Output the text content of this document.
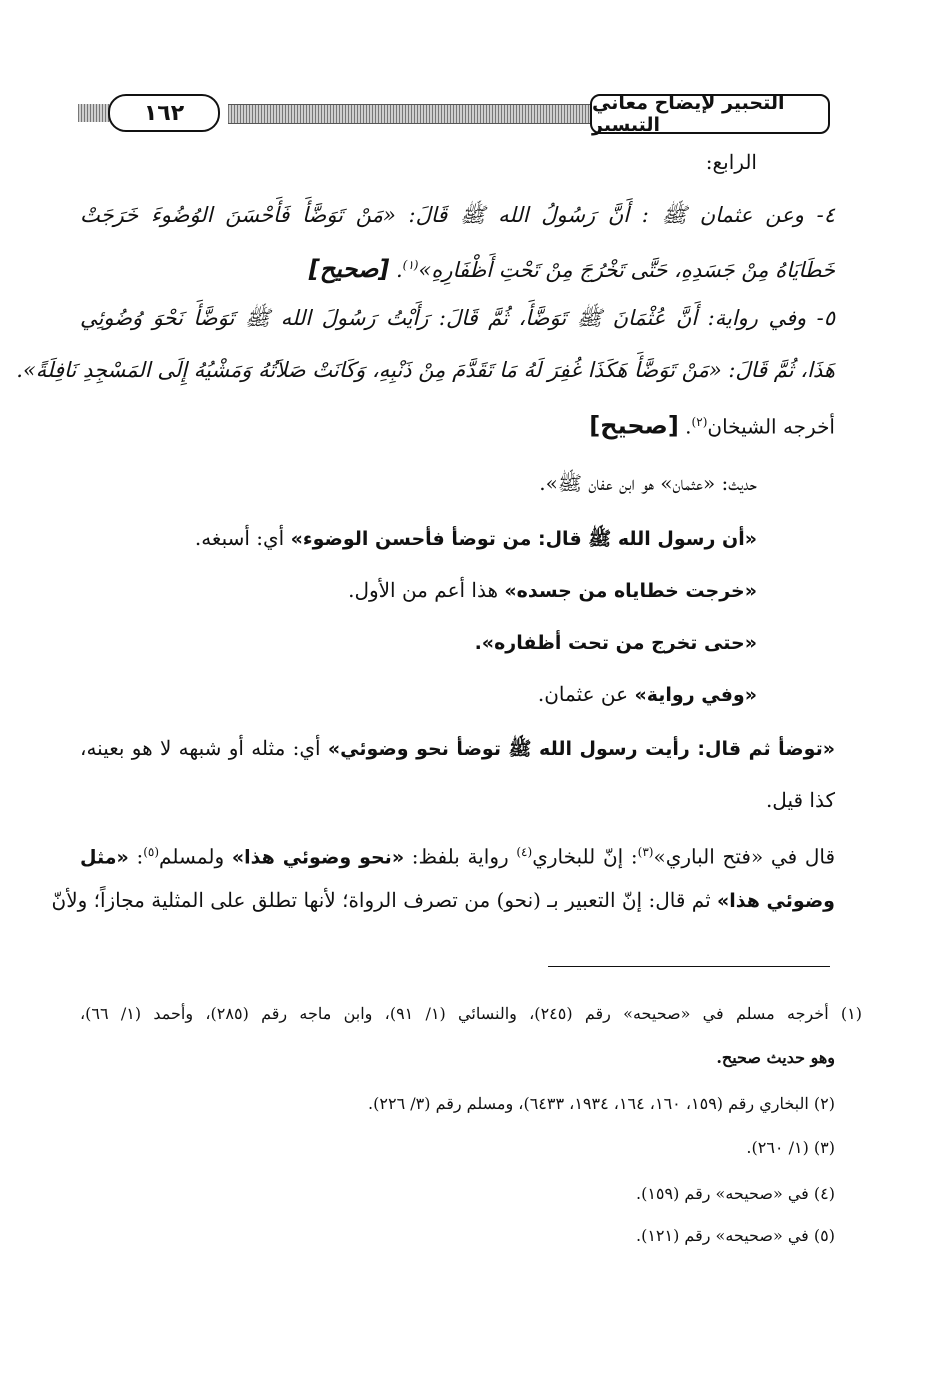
١٦٢	التحبير لإيضاح معاني التيسير
الرابع:
٤- وعن عثمان ﷺ : أَنَّ رَسُولُ الله ﷺ قَالَ: «مَنْ تَوَضَّأَ فَأَحْسَنَ الوُضُوءَ خَرَجَتْ
خَطَايَاهُ مِنْ جَسَدِهِ، حَتَّى تَخْرُجَ مِنْ تَحْتِ أَظْفَارِهِ»$^{(١)}$. [صحيح]
٥- وفي رواية: أَنَّ عُثْمَانَ ﷺ تَوَضَّأَ، ثُمَّ قَالَ: رَأَيْتُ رَسُولَ الله ﷺ تَوَضَّأَ نَحْوَ وُضُوئِي
هَذَا، ثُمَّ قَالَ: «مَنْ تَوَضَّأَ هَكَذَا غُفِرَ لَهُ مَا تَقَدَّمَ مِنْ ذَنْبِهِ، وَكَانَتْ صَلاَتُهُ وَمَشْيُهُ إِلَى المَسْجِدِ نَافِلَةً».
أخرجه الشيخان$^{(٢)}$. [صحيح]
حديث: «عثمان» هو ابن عفان ﷺ».
«أن رسول الله ﷺ قال: من توضأ فأحسن الوضوء» أي: أسبغه.
«خرجت خطاياه من جسده» هذا أعم من الأول.
«حتى تخرج من تحت أظفاره».
«وفي رواية» عن عثمان.
«توضأ ثم قال: رأيت رسول الله ﷺ توضأ نحو وضوئي» أي: مثله أو شبهه لا هو بعينه،
كذا قيل.
قال في «فتح الباري»$^{(٣)}$: إنّ للبخاري$^{(٤)}$ رواية بلفظ: «نحو وضوئي هذا» ولمسلم$^{(٥)}$: «مثل
وضوئي هذا» ثم قال: إنّ التعبير بـ (نحو) من تصرف الرواة؛ لأنها تطلق على المثلية مجازاً؛ ولأنّ
(١) أخرجه مسلم في «صحيحه» رقم (٢٤٥)، والنسائي (١/ ٩١)، وابن ماجه رقم (٢٨٥)، وأحمد (١/ ٦٦)،
وهو حديث صحيح.
(٢) البخاري رقم (١٥٩، ١٦٠، ١٦٤، ١٩٣٤، ٦٤٣٣)، ومسلم رقم (٣/ ٢٢٦).
(٣) (١/ ٢٦٠).
(٤) في «صحيحه» رقم (١٥٩).
(٥) في «صحيحه» رقم (١٢١).
